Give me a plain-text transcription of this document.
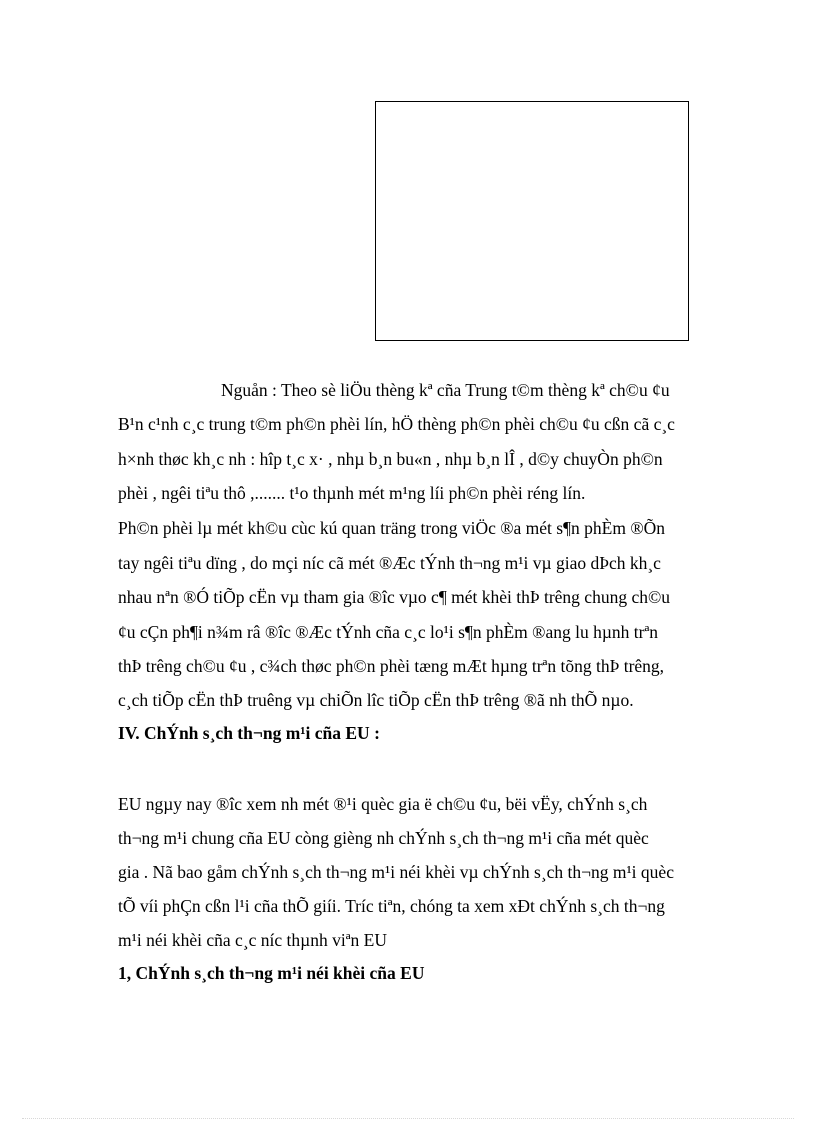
Nguån : Theo sè liÖu thèng kª cña Trung t©m thèng kª ch©u ¢u
B¹n c¹nh c¸c trung t©m ph©n phèi lín, hÖ thèng ph©n phèi ch©u ¢u cßn cã c¸c
h×nh thøc kh¸c nh : hîp t¸c x· , nhµ b¸n bu«n , nhµ b¸n lÎ , d©y chuyÒn ph©n
phèi , ngêi tiªu thô ,....... t¹o thµnh mét m¹ng líi ph©n phèi réng lín.
Ph©n phèi lµ mét kh©u cùc kú quan träng trong viÖc ®a mét s¶n phÈm ®Õn
tay ngêi tiªu dïng , do mçi níc cã mét ®Æc tÝnh th¬ng m¹i vµ giao dÞch kh¸c
nhau nªn ®Ó tiÕp cËn vµ tham gia ®îc vµo c¶ mét khèi thÞ trêng chung ch©u
¢u cÇn ph¶i n¾m râ ®îc ®Æc tÝnh cña c¸c lo¹i s¶n phÈm ®ang lu hµnh trªn
thÞ trêng ch©u ¢u , c¾ch thøc ph©n phèi tæng mÆt hµng trªn tõng thÞ trêng,
c¸ch tiÕp cËn thÞ truêng vµ chiÕn lîc tiÕp cËn thÞ trêng ®ã nh thÕ nµo.
IV. ChÝnh s¸ch th¬ng m¹i cña EU :
EU ngµy nay ®îc xem nh mét ®¹i quèc gia ë ch©u ¢u, bëi vËy, chÝnh s¸ch
th¬ng m¹i chung cña EU còng gièng nh chÝnh s¸ch th¬ng m¹i cña mét quèc
gia . Nã bao gåm chÝnh s¸ch th¬ng m¹i néi khèi vµ chÝnh s¸ch th¬ng m¹i quèc
tÕ víi phÇn cßn l¹i cña thÕ giíi. Tríc tiªn, chóng ta xem xÐt chÝnh s¸ch th¬ng
m¹i néi khèi cña c¸c níc thµnh viªn EU
1, ChÝnh s¸ch th¬ng m¹i néi khèi cña EU
